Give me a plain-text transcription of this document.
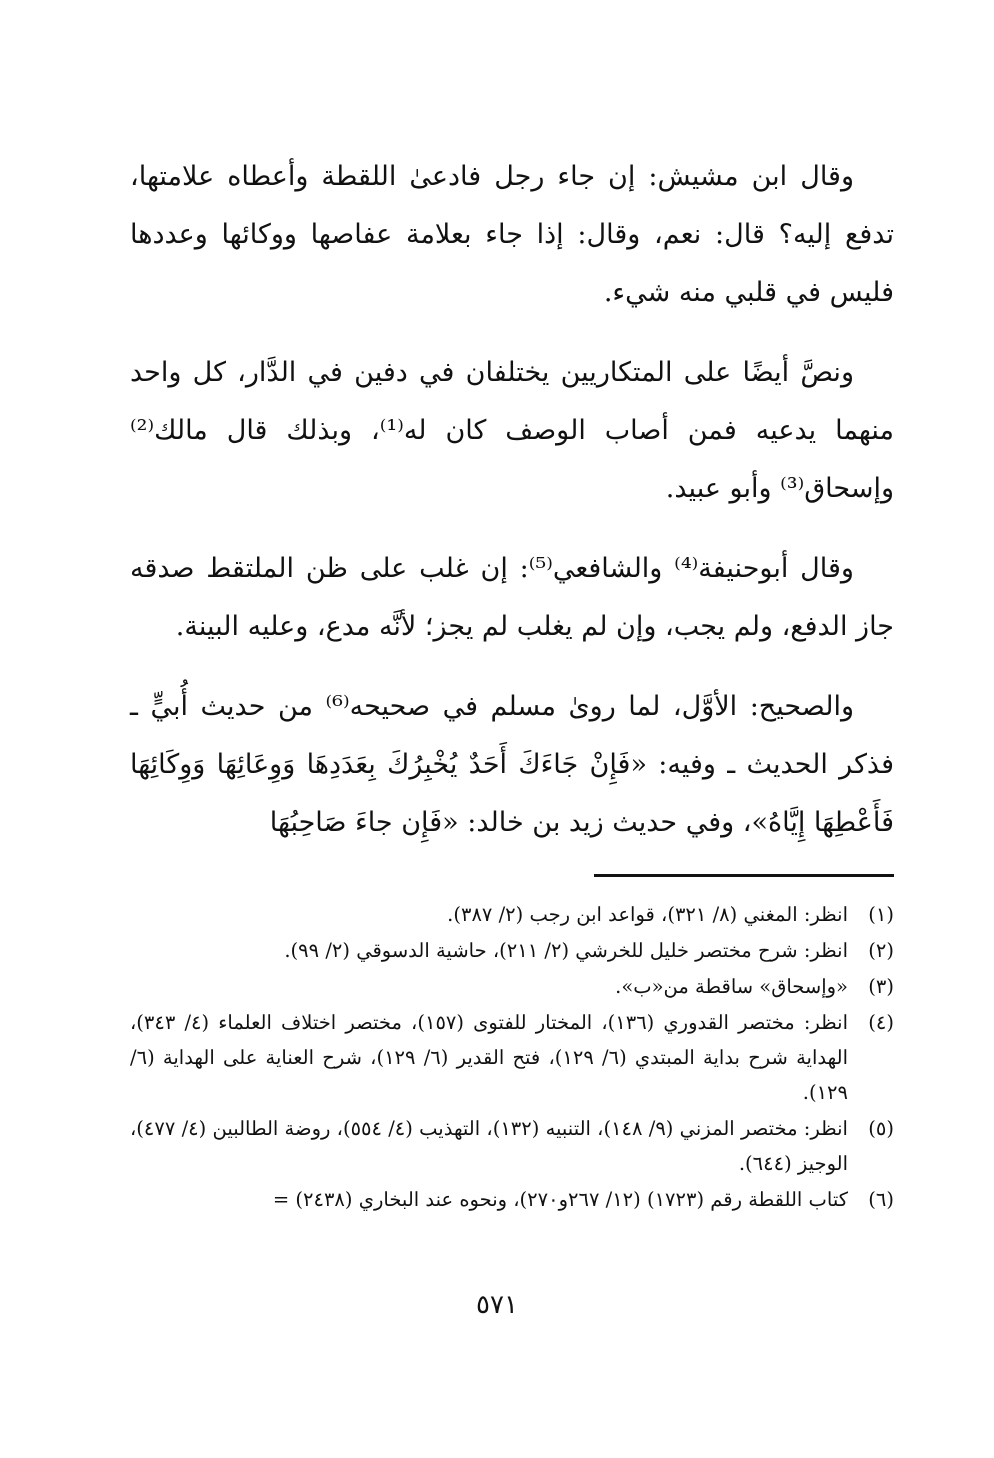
وقال ابن مشيش: إن جاء رجل فادعىٰ اللقطة وأعطاه علامتها، تدفع إليه؟ قال: نعم، وقال: إذا جاء بعلامة عفاصها ووكائها وعددها فليس في قلبي منه شيء.

ونصَّ أيضًا على المتكاريين يختلفان في دفين في الدَّار، كل واحد منهما يدعيه فمن أصاب الوصف كان له⁽¹⁾، وبذلك قال مالك⁽²⁾ وإسحاق⁽³⁾ وأبو عبيد.

وقال أبوحنيفة⁽⁴⁾ والشافعي⁽⁵⁾: إن غلب على ظن الملتقط صدقه جاز الدفع، ولم يجب، وإن لم يغلب لم يجز؛ لأنَّه مدع، وعليه البينة.

والصحيح: الأوَّل، لما روىٰ مسلم في صحيحه⁽⁶⁾ من حديث أُبيٍّ ـ فذكر الحديث ـ وفيه: «فَإِنْ جَاءَكَ أَحَدٌ يُخْبِرُكَ بِعَدَدِهَا وَوِعَائِهَا وَوِكَائِهَا فَأَعْطِهَا إِيَّاهُ»، وفي حديث زيد بن خالد: «فَإِن جاءَ صَاحِبُهَا

(١)
انظر: المغني (٨/ ٣٢١)، قواعد ابن رجب (٢/ ٣٨٧).
(٢)
انظر: شرح مختصر خليل للخرشي (٢/ ٢١١)، حاشية الدسوقي (٢/ ٩٩).
(٣)
«وإسحاق» ساقطة من«ب».
(٤)
انظر: مختصر القدوري (١٣٦)، المختار للفتوى (١٥٧)، مختصر اختلاف العلماء (٤/ ٣٤٣)، الهداية شرح بداية المبتدي (٦/ ١٢٩)، فتح القدير (٦/ ١٢٩)، شرح العناية على الهداية (٦/ ١٢٩).
(٥)
انظر: مختصر المزني (٩/ ١٤٨)، التنبيه (١٣٢)، التهذيب (٤/ ٥٥٤)، روضة الطالبين (٤/ ٤٧٧)، الوجيز (٦٤٤).
(٦)
كتاب اللقطة رقم (١٧٢٣) (١٢/ ٢٦٧و٢٧٠)، ونحوه عند البخاري (٢٤٣٨) =
٥٧١
